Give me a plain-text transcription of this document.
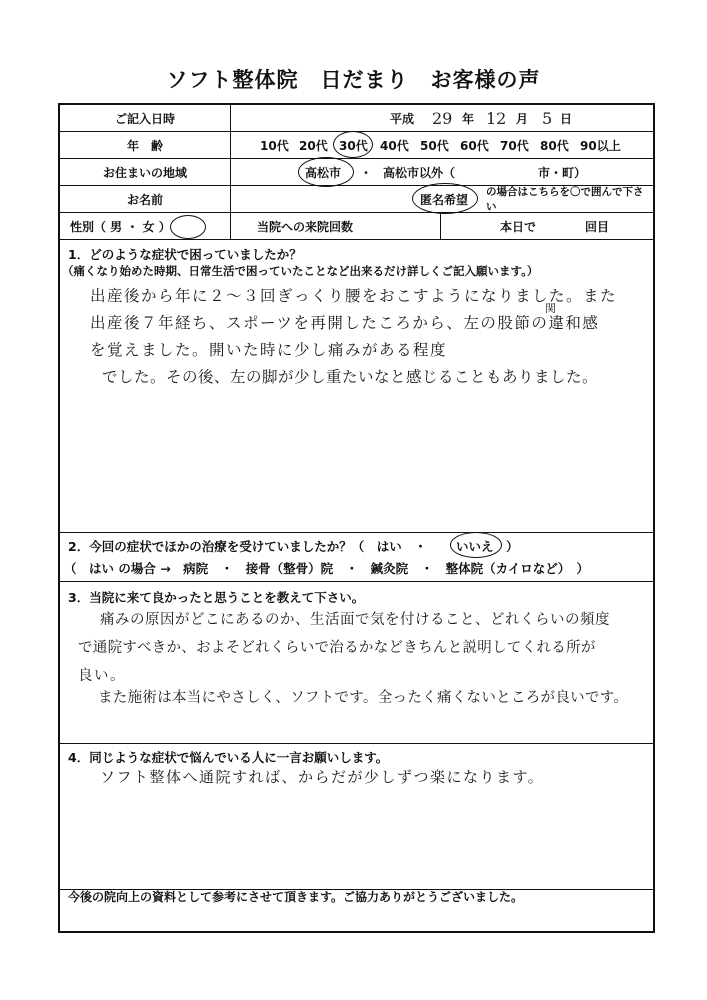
ソフト整体院　日だまり　お客様の声
ご記入日時	平成 29 年 12 月 5 日
年　齢	10代 20代 30代 40代 50代 60代 70代 80代 90以上
お住まいの地域	高松市 ・ 高松市以外（	市・町）
お名前	匿名希望
の場合はこちらを〇で囲んで下さい
性別（ 男 ・ 女 ）	当院への来院回数	本日で	回目
1．どのような症状で困っていましたか？
（痛くなり始めた時期、日常生活で困っていたことなど出来るだけ詳しくご記入願います。）
出産後から年に２～３回ぎっくり腰をおこすようになりました。また
出産後７年経ち、スポーツを再開したころから、左の股節の違和感
関
を覚えました。開いた時に少し痛みがある程度
でした。その後、左の脚が少し重たいなと感じることもありました。
2．今回の症状でほかの治療を受けていましたか？（　はい　・ いいえ ）
（　はい の場合 →　病院　・　接骨（整骨）院　・　鍼灸院　・　整体院（カイロなど）　）
3．当院に来て良かったと思うことを教えて下さい。
痛みの原因がどこにあるのか、生活面で気を付けること、どれくらいの頻度
で通院すべきか、およそどれくらいで治るかなどきちんと説明してくれる所が
良い。
また施術は本当にやさしく、ソフトです。全ったく痛くないところが良いです。
4．同じような症状で悩んでいる人に一言お願いします。
ソフト整体へ通院すれば、からだが少しずつ楽になります。
今後の院向上の資料として参考にさせて頂きます。ご協力ありがとうございました。
